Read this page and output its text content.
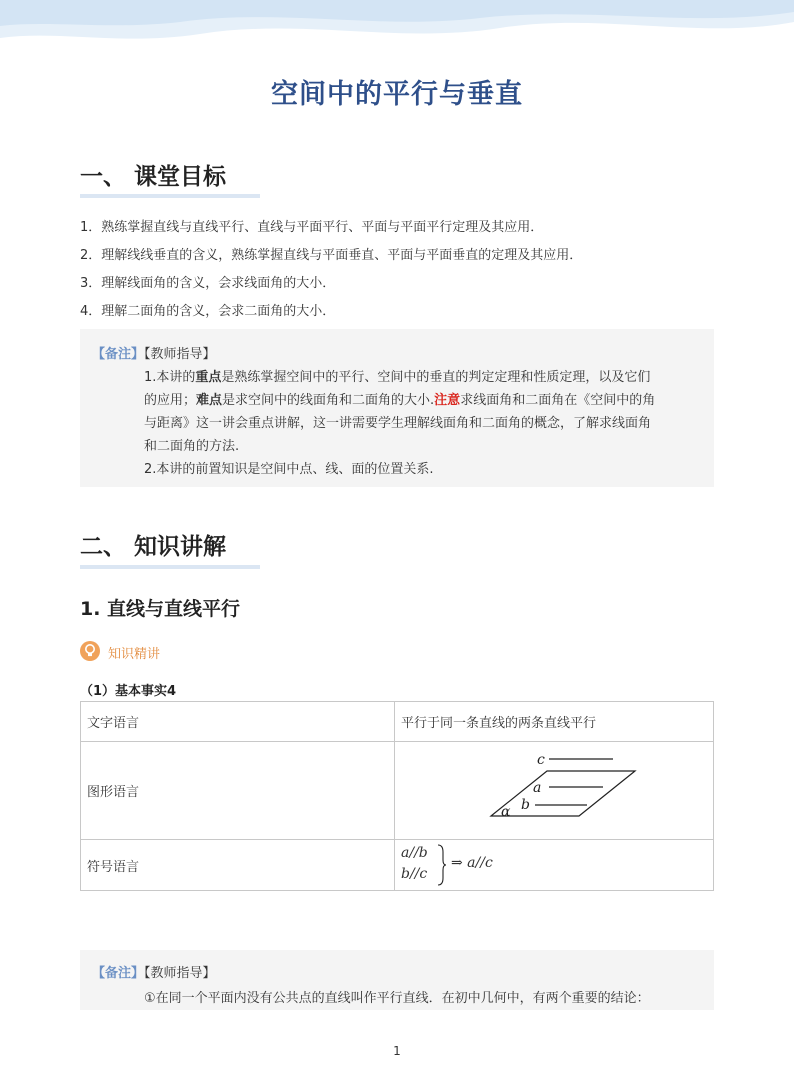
空间中的平行与垂直
一、 课堂目标
1．熟练掌握直线与直线平行、直线与平面平行、平面与平面平行定理及其应用．
2．理解线线垂直的含义，熟练掌握直线与平面垂直、平面与平面垂直的定理及其应用．
3．理解线面角的含义，会求线面角的大小．
4．理解二面角的含义，会求二面角的大小．
【备注】【教师指导】
1.本讲的重点是熟练掌握空间中的平行、空间中的垂直的判定定理和性质定理，以及它们
的应用；难点是求空间中的线面角和二面角的大小.注意求线面角和二面角在《空间中的角
与距离》这一讲会重点讲解，这一讲需要学生理解线面角和二面角的概念，了解求线面角
和二面角的方法.
2.本讲的前置知识是空间中点、线、面的位置关系.
二、 知识讲解
1. 直线与直线平行
知识精讲
（1）基本事实4
文字语言	平行于同一条直线的两条直线平行
图形语言	c
a
b
α

符号语言	a//b
b//c
⇒ a//c
【备注】【教师指导】
①在同一个平面内没有公共点的直线叫作平行直线．在初中几何中，有两个重要的结论：
1
